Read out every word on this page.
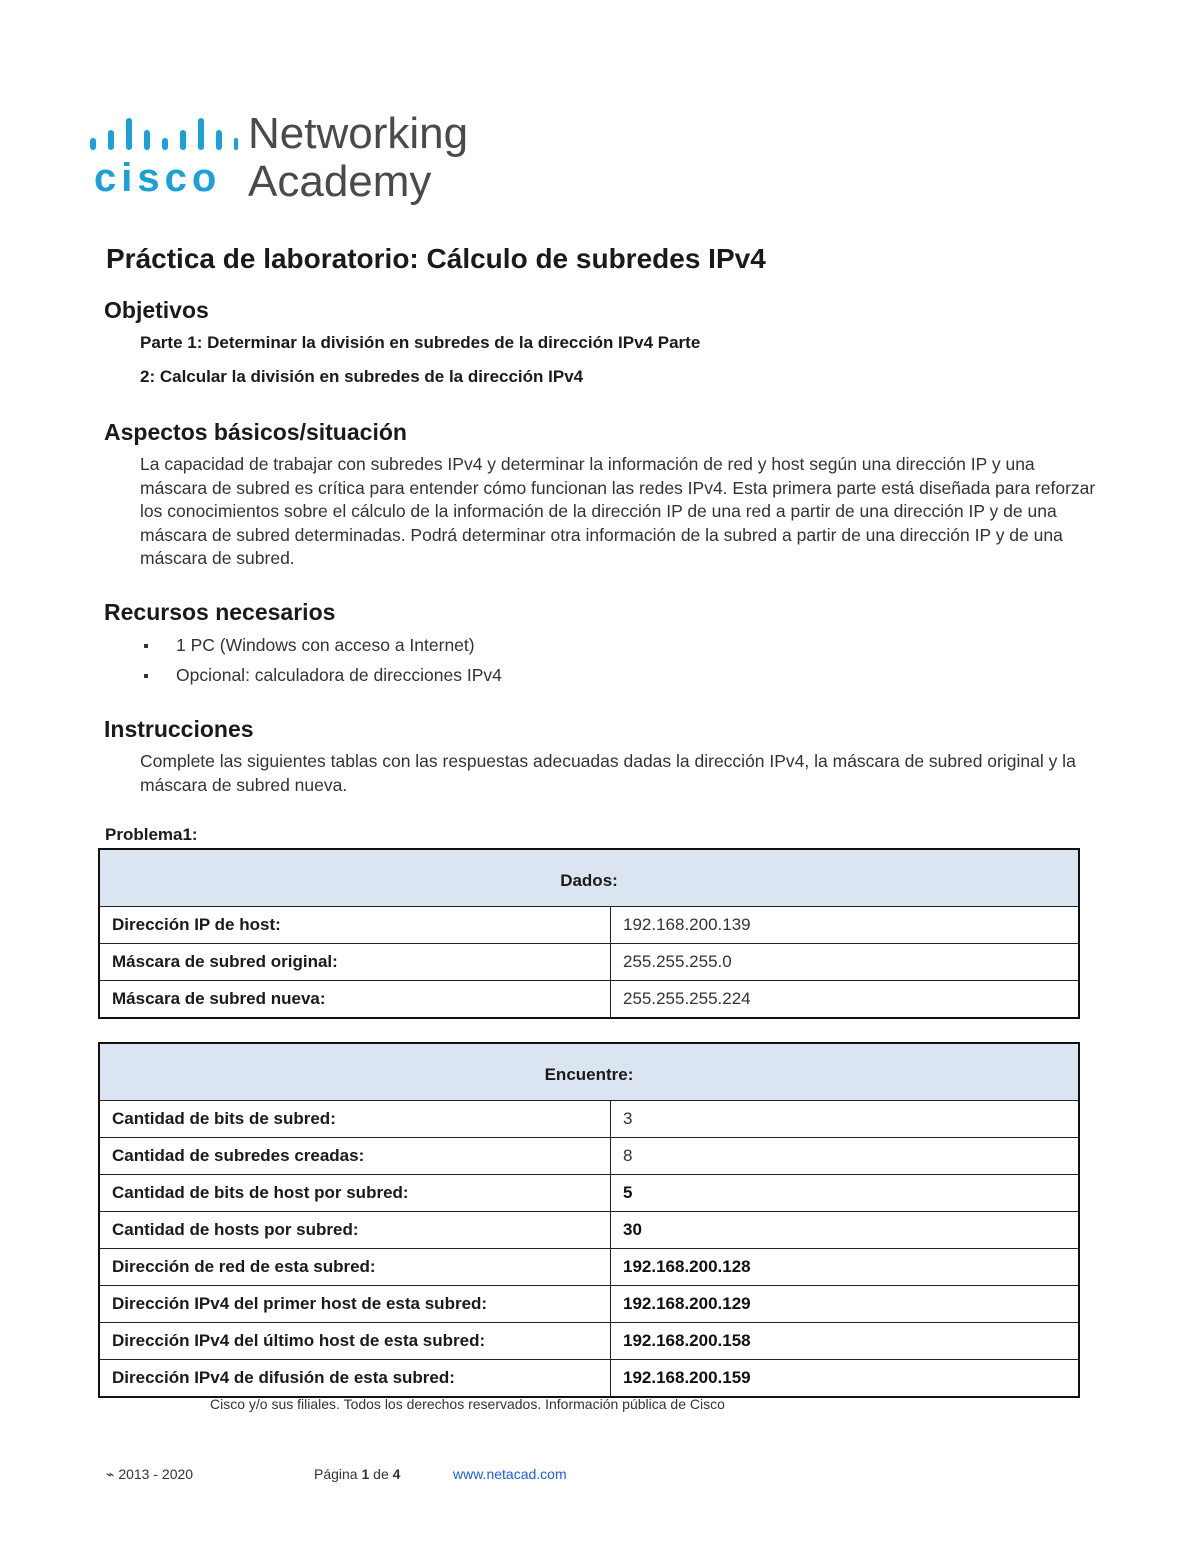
cisco
Networking
Academy
Práctica de laboratorio: Cálculo de subredes IPv4
Objetivos

Parte 1: Determinar la división en subredes de la dirección IPv4 Parte

2: Calcular la división en subredes de la dirección IPv4

Aspectos básicos/situación

La capacidad de trabajar con subredes IPv4 y determinar la información de red y host según una dirección IP y una máscara de subred es crítica para entender cómo funcionan las redes IPv4. Esta primera parte está diseñada para reforzar los conocimientos sobre el cálculo de la información de la dirección IP de una red a partir de una dirección IP y de una máscara de subred determinadas. Podrá determinar otra información de la subred a partir de una dirección IP y de una máscara de subred.

Recursos necesarios
1 PC (Windows con acceso a Internet)
Opcional: calculadora de direcciones IPv4
Instrucciones

Complete las siguientes tablas con las respuestas adecuadas dadas la dirección IPv4, la máscara de subred original y la máscara de subred nueva.

Problema1:

Dados:	
Dirección IP de host:	192.168.200.139
Máscara de subred original:	255.255.255.0
Máscara de subred nueva:	255.255.255.224
Encuentre:	
Cantidad de bits de subred:	3
Cantidad de subredes creadas:	8
Cantidad de bits de host por subred:	5
Cantidad de hosts por subred:	30
Dirección de red de esta subred:	192.168.200.128
Dirección IPv4 del primer host de esta subred:	192.168.200.129
Dirección IPv4 del último host de esta subred:	192.168.200.158
Dirección IPv4 de difusión de esta subred:	192.168.200.159

Cisco y/o sus filiales. Todos los derechos reservados. Información pública de Cisco

⌁ 2013 - 2020	Página 1 de 4	www.netacad.com
